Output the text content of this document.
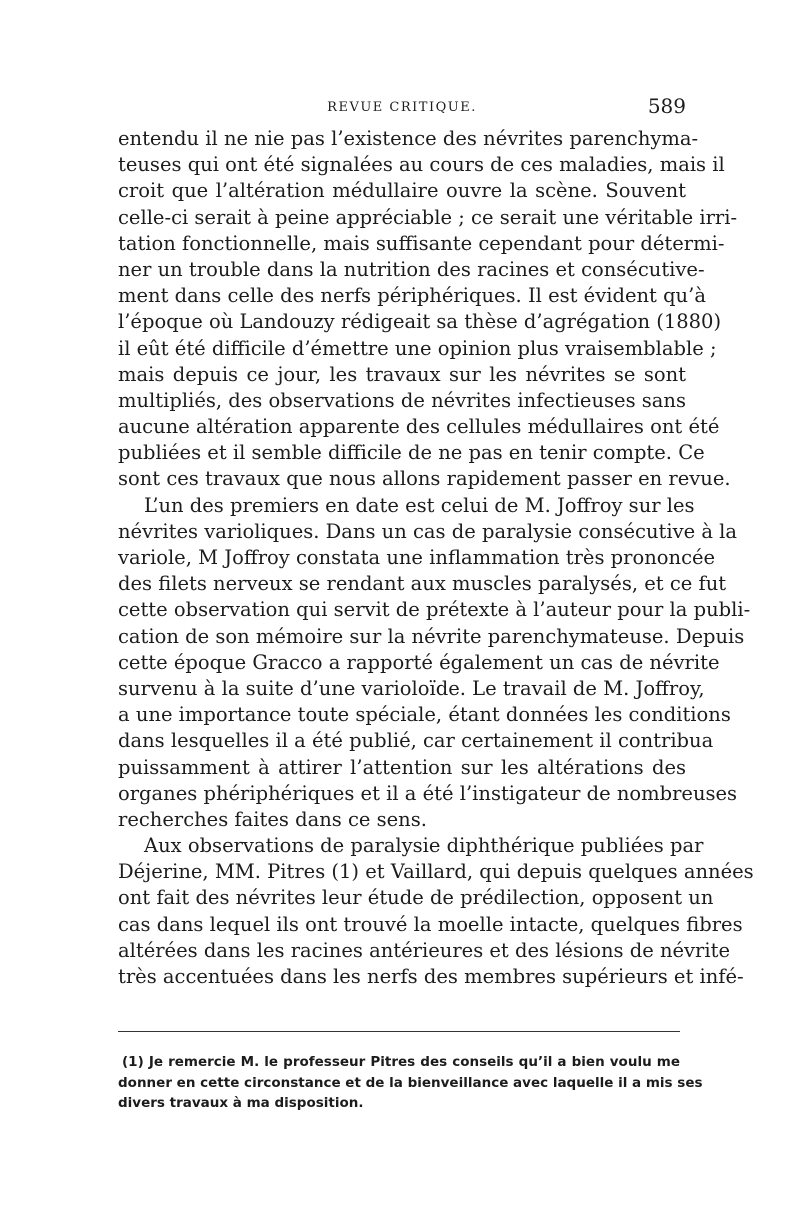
REVUE CRITIQUE.	589
entendu il ne nie pas l’existence des névrites parenchyma-
teuses qui ont été signalées au cours de ces maladies, mais il
croit que l’altération médullaire ouvre la scène. Souvent
celle-ci serait à peine appréciable ; ce serait une véritable irri-
tation fonctionnelle, mais suffisante cependant pour détermi-
ner un trouble dans la nutrition des racines et consécutive-
ment dans celle des nerfs périphériques. Il est évident qu’à
l’époque où Landouzy rédigeait sa thèse d’agrégation (1880)
il eût été difficile d’émettre une opinion plus vraisemblable ;
mais depuis ce jour, les travaux sur les névrites se sont
multipliés, des observations de névrites infectieuses sans
aucune altération apparente des cellules médullaires ont été
publiées et il semble difficile de ne pas en tenir compte. Ce
sont ces travaux que nous allons rapidement passer en revue.
L’un des premiers en date est celui de M. Joffroy sur les
névrites varioliques. Dans un cas de paralysie consécutive à la
variole, M Joffroy constata une inflammation très prononcée
des filets nerveux se rendant aux muscles paralysés, et ce fut
cette observation qui servit de prétexte à l’auteur pour la publi-
cation de son mémoire sur la névrite parenchymateuse. Depuis
cette époque Gracco a rapporté également un cas de névrite
survenu à la suite d’une varioloïde. Le travail de M. Joffroy,
a une importance toute spéciale, étant données les conditions
dans lesquelles il a été publié, car certainement il contribua
puissamment à attirer l’attention sur les altérations des
organes phériphériques et il a été l’instigateur de nombreuses
recherches faites dans ce sens.
Aux observations de paralysie diphthérique publiées par
Déjerine, MM. Pitres (1) et Vaillard, qui depuis quelques années
ont fait des névrites leur étude de prédilection, opposent un
cas dans lequel ils ont trouvé la moelle intacte, quelques fibres
altérées dans les racines antérieures et des lésions de névrite
très accentuées dans les nerfs des membres supérieurs et infé-
(1) Je remercie M. le professeur Pitres des conseils qu’il a bien voulu me
donner en cette circonstance et de la bienveillance avec laquelle il a mis ses
divers travaux à ma disposition.
